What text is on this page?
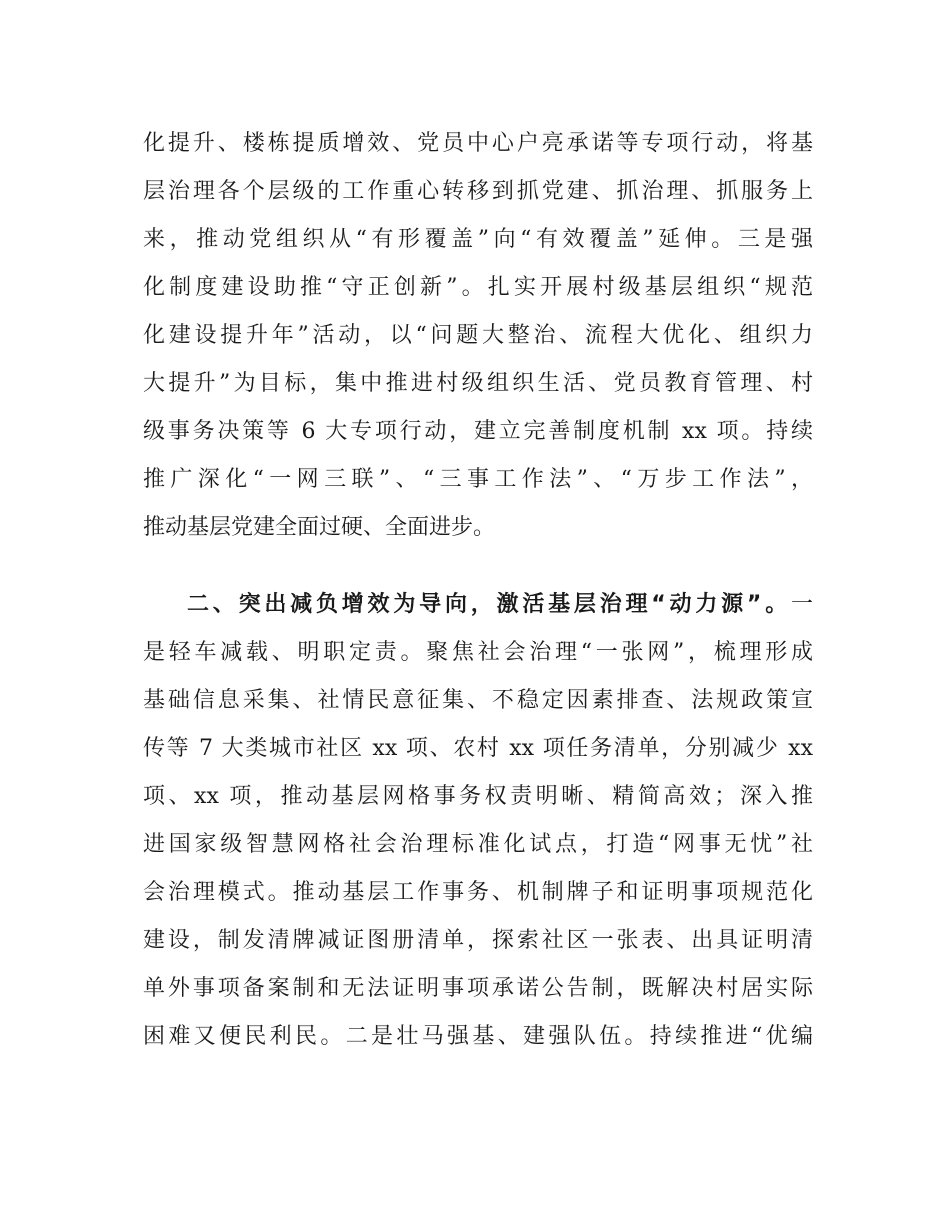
化提升、楼栋提质增效、党员中心户亮承诺等专项行动，将基
层治理各个层级的工作重心转移到抓党建、抓治理、抓服务上
来，推动党组织从“有形覆盖”向“有效覆盖”延伸。三是强
化制度建设助推“守正创新”。扎实开展村级基层组织“规范
化建设提升年”活动，以“问题大整治、流程大优化、组织力
大提升”为目标，集中推进村级组织生活、党员教育管理、村
级事务决策等 6 大专项行动，建立完善制度机制 xx 项。持续
推广深化“一网三联”、“三事工作法”、“万步工作法”，
推动基层党建全面过硬、全面进步。
二、突出减负增效为导向，激活基层治理“动力源”。一
是轻车减载、明职定责。聚焦社会治理“一张网”，梳理形成
基础信息采集、社情民意征集、不稳定因素排查、法规政策宣
传等 7 大类城市社区 xx 项、农村 xx 项任务清单，分别减少 xx
项、xx 项，推动基层网格事务权责明晰、精简高效；深入推
进国家级智慧网格社会治理标准化试点，打造“网事无忧”社
会治理模式。推动基层工作事务、机制牌子和证明事项规范化
建设，制发清牌减证图册清单，探索社区一张表、出具证明清
单外事项备案制和无法证明事项承诺公告制，既解决村居实际
困难又便民利民。二是壮马强基、建强队伍。持续推进“优编
